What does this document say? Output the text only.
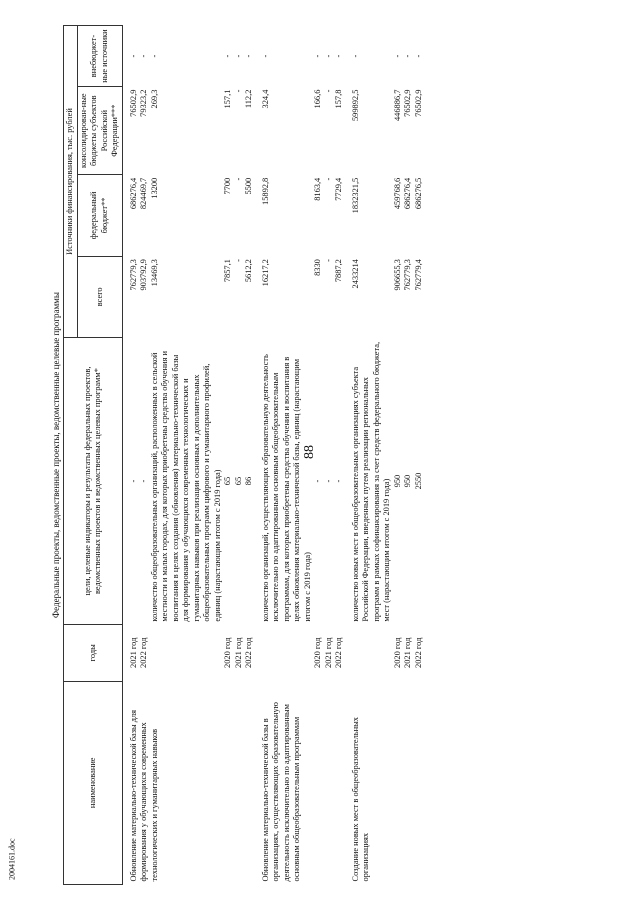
88
2004161.doc
Федеральные проекты, ведомственные проекты, ведомственные целевые программы						
наименование	годы	цели, целевые индикаторы и результаты федеральных проектов, ведомственных проектов и ведомственных целевых программ*	Источники финансирования, тыс. рублей			
			всего	федеральный бюджет**	консолидирован-ные бюджеты субъектов Российской Федерации***	внебюджет-ные источники

Обновление материально-технической базы для формирования у обучающихся современных технологических и гуманитарных навыков	2021 год	-	762779,3	686276,4	76502,9	-
	2022 год	-	903792,9	824469,7	79323,2	-
		количество общеобразовательных организаций, расположенных в сельской местности и малых городах, для которых приобретены средства обучения и воспитания в целях создания (обновления) материально-технической базы для формирования у обучающихся современных технологических и гуманитарных навыков при реализации основных и дополнительных общеобразовательных программ цифрового и гуманитарного профилей, единиц (нарастающим итогом с 2019 года)	13469,3	13200	269,3	-
	2020 год	65	7857,1	7700	157,1	-
	2021 год	65	-	-	-	-
	2022 год	86	5612,2	5500	112,2	-

Обновление материально-технической базы в организациях, осуществляющих образовательную деятельность исключительно по адаптированным основным общеобразовательным программам		количество организаций, осуществляющих образовательную деятельность исключительно по адаптированным основным общеобразовательным программам, для которых приобретены средства обучения и воспитания в целях обновления материально-технической базы, единиц (нарастающим итогом с 2019 года)	16217,2	15892,8	324,4	-
	2020 год	-	8330	8163,4	166,6	-
	2021 год	-	-	-	-	-
	2022 год	-	7887,2	7729,4	157,8	-

Создание новых мест в общеобразовательных организациях		количество новых мест в общеобразовательных организациях субъекта Российской Федерации, введенных путем реализации региональных программ в рамках софинансирования за счет средств федерального бюджета, мест (нарастающим итогом с 2019 года)	2433214	1832321,5	599892,5	-
	2020 год	950	906655,3	459768,6	446886,7	-
	2021 год	950	762779,3	686276,4	76502,9	-
	2022 год	2550	762779,4	686276,5	76502,9	-
